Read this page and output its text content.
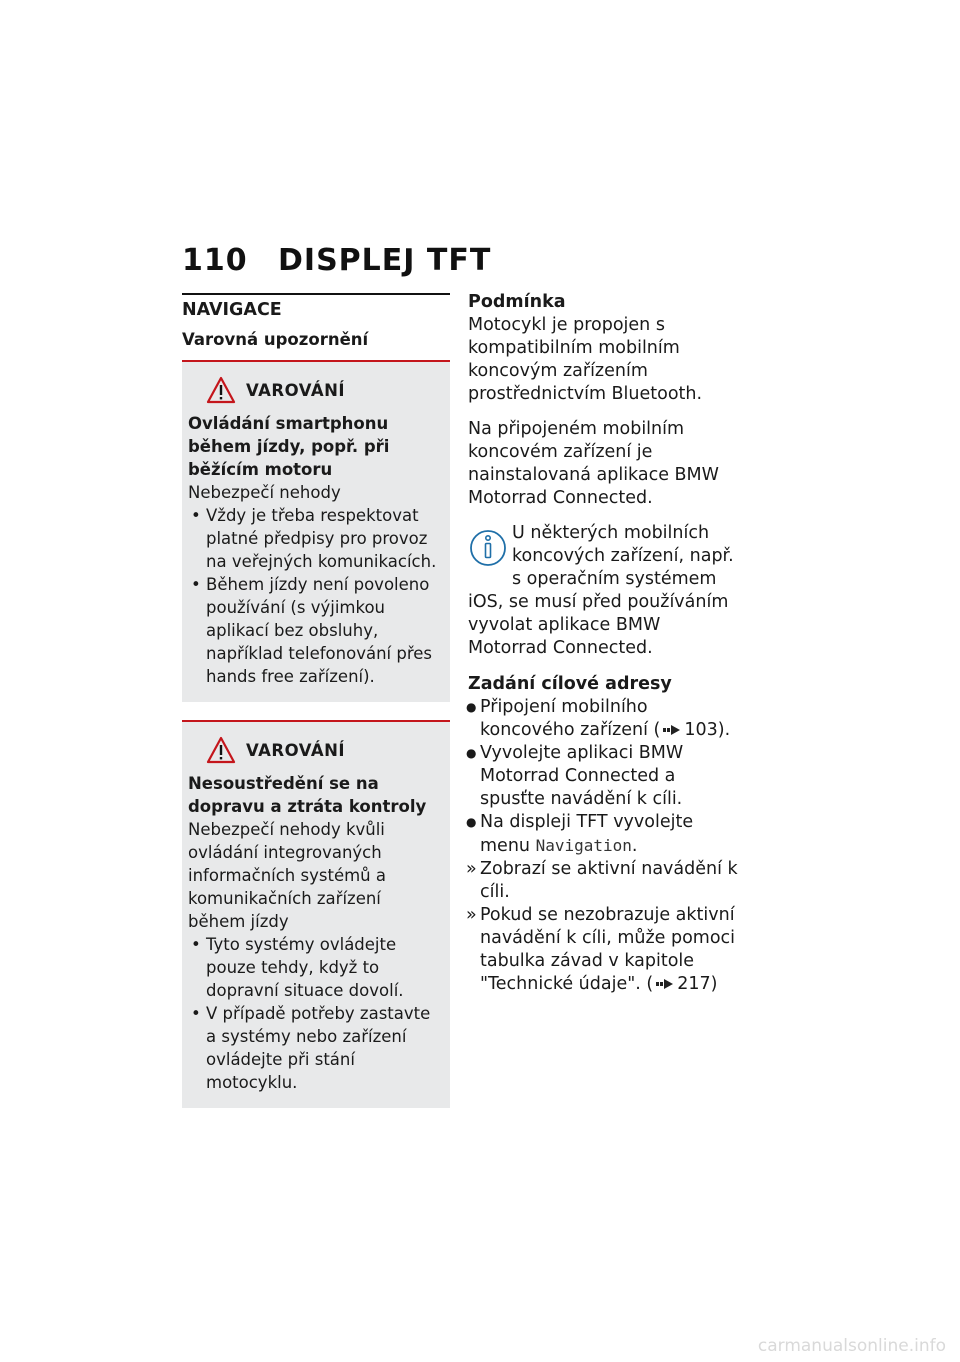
110 DISPLEJ TFT
NAVIGACE
Varovná upozornění
VAROVÁNÍ
Ovládání smartphonu během jízdy, popř. při běžícím motoru
Nebezpečí nehody
• Vždy je třeba respektovat platné předpisy pro provoz na veřejných komunikacích.
• Během jízdy není povoleno používání (s výjimkou aplikací bez obsluhy, například telefonování přes hands free zařízení).
VAROVÁNÍ
Nesoustředění se na dopravu a ztráta kontroly
Nebezpečí nehody kvůli ovládání integrovaných informačních systémů a komunikačních zařízení během jízdy
• Tyto systémy ovládejte pouze tehdy, když to dopravní situace dovolí.
• V případě potřeby zastavte a systémy nebo zařízení ovládejte při stání motocyklu.
Podmínka

Motocykl je propojen s kompatibilním mobilním koncovým zařízením prostřednictvím Bluetooth.

Na připojeném mobilním koncovém zařízení je nainstalovaná aplikace BMW Motorrad Connected.

U některých mobilních koncových zařízení, např. s operačním systémem iOS, se musí před používáním vyvolat aplikace BMW Motorrad Connected.
Zadání cílové adresy
● Připojení mobilního koncového zařízení ( 103).
● Vyvolejte aplikaci BMW Motorrad Connected a spusťte navádění k cíli.
● Na displeji TFT vyvolejte menu Navigation.
» Zobrazí se aktivní navádění k cíli.
» Pokud se nezobrazuje aktivní navádění k cíli, může pomoci tabulka závad v kapitole "Technické údaje". ( 217)
carmanualsonline.info
